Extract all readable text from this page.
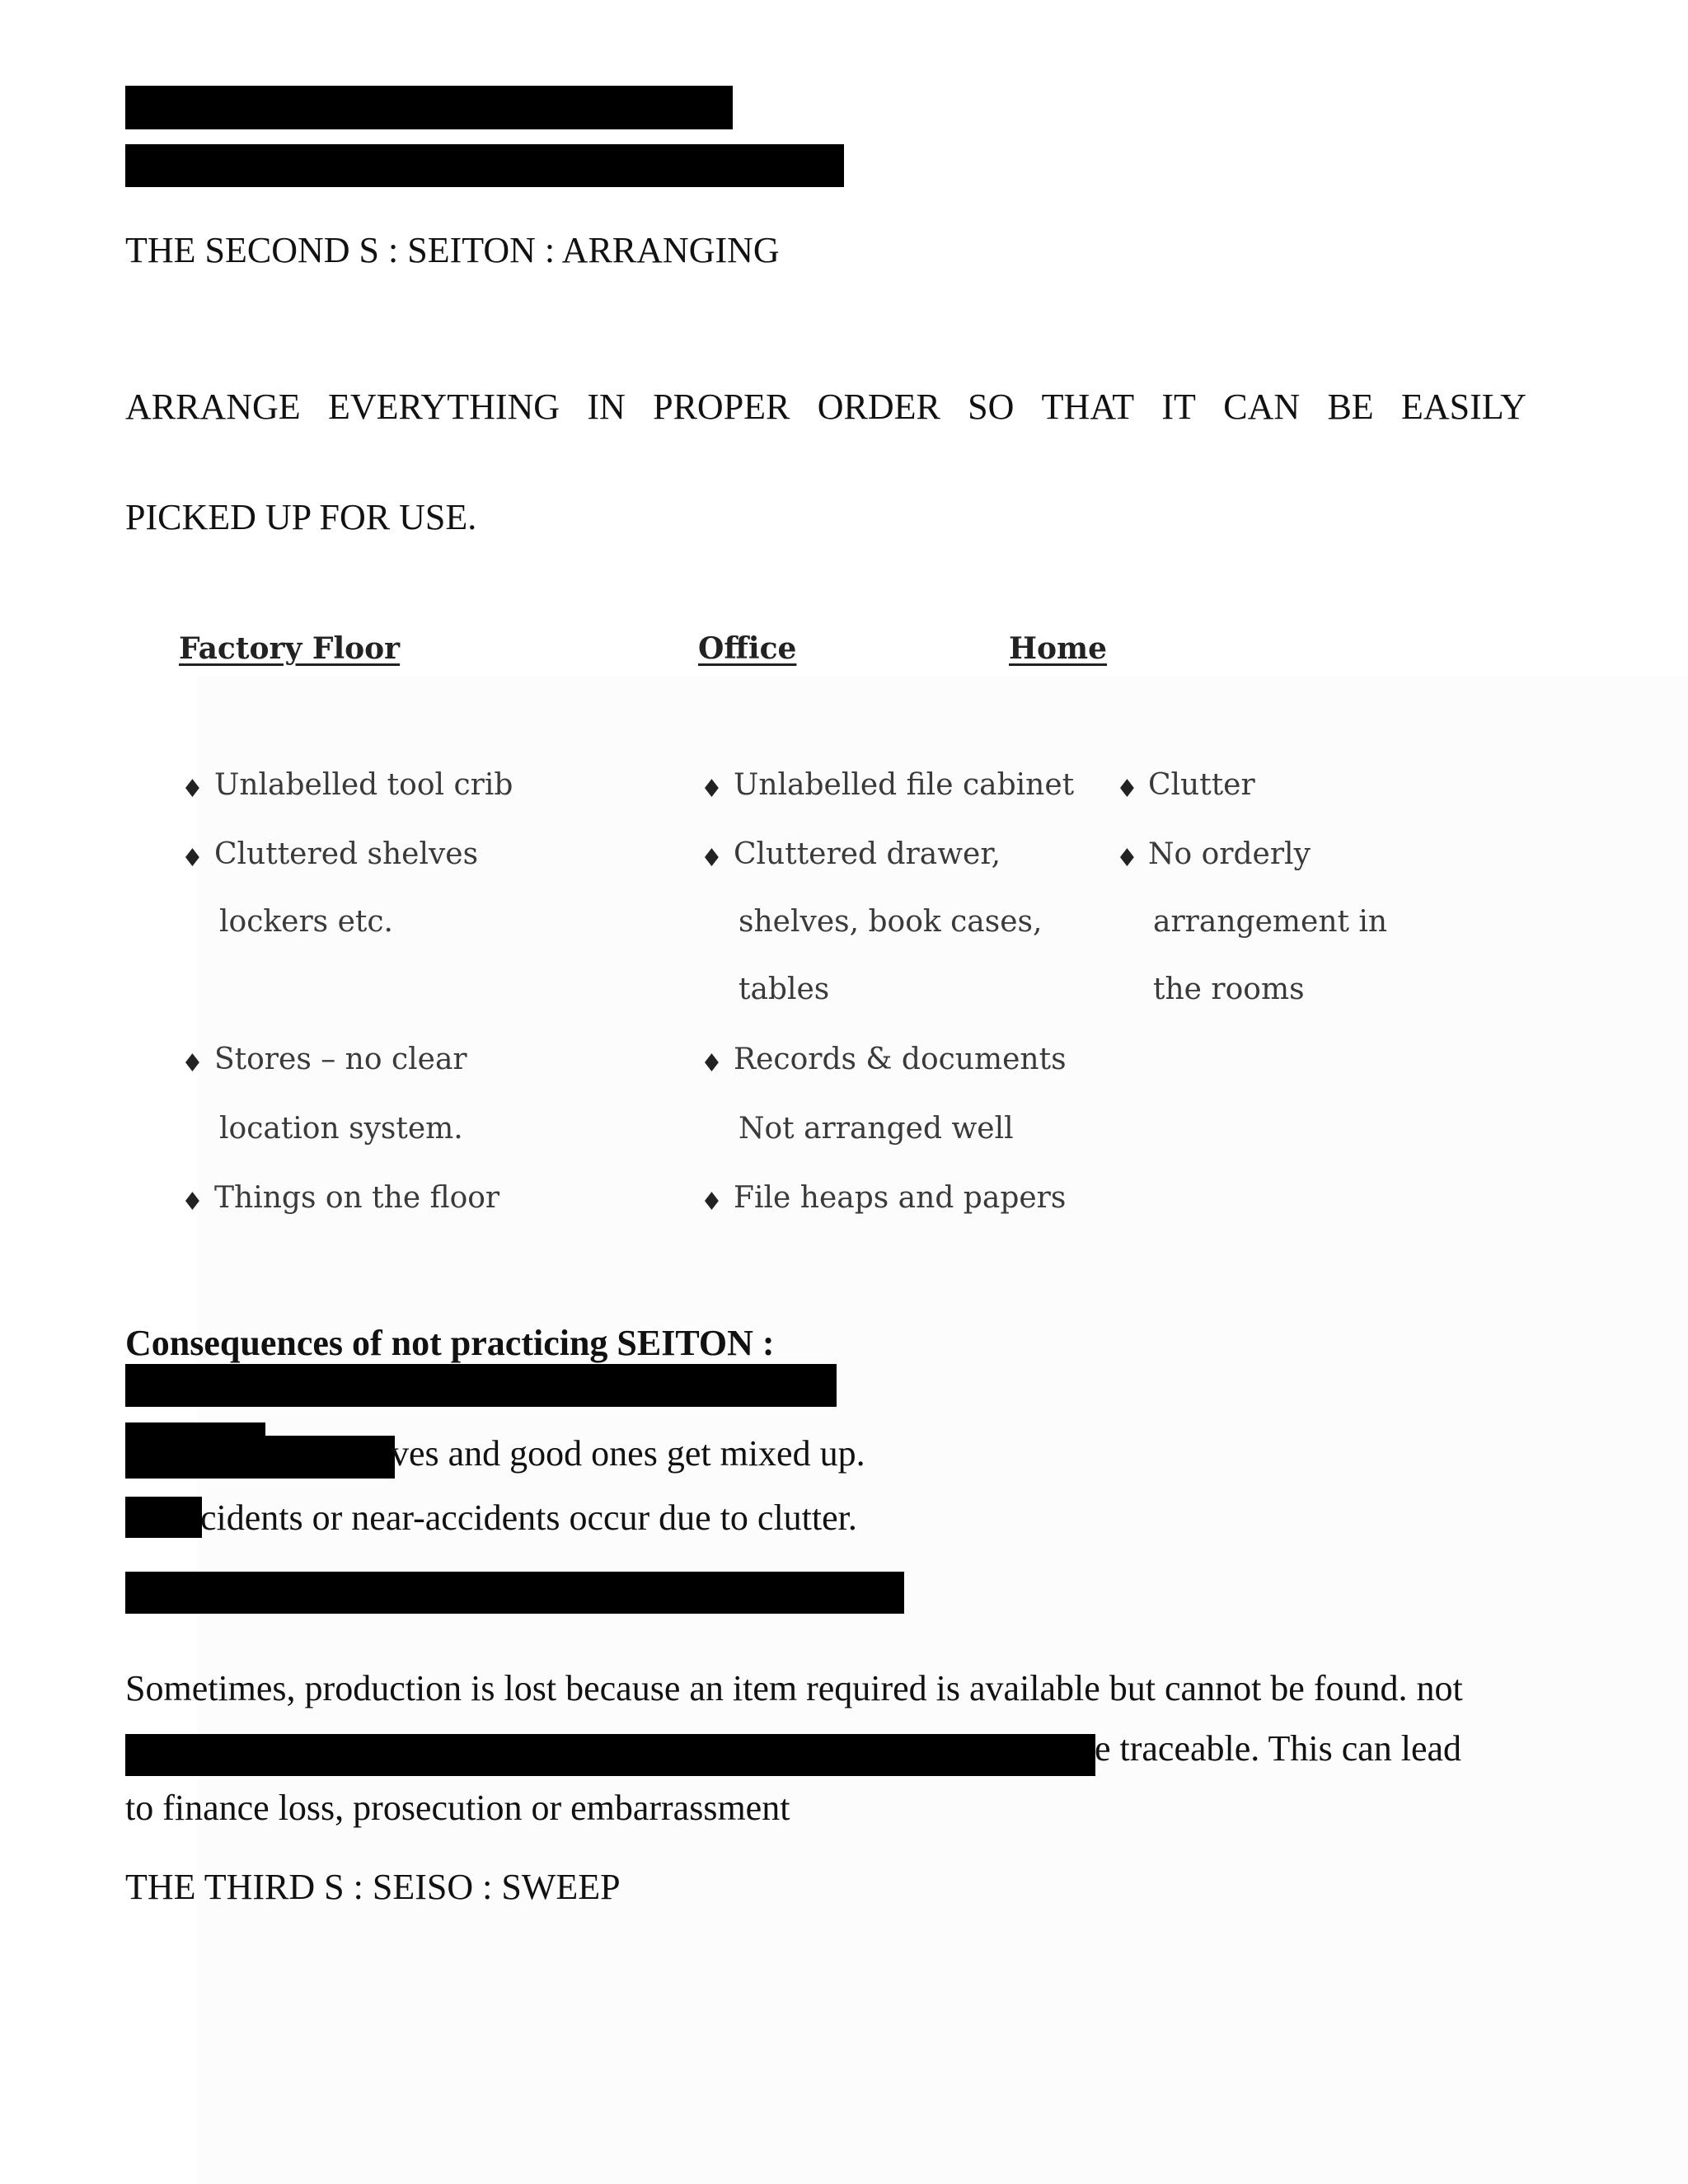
THE SECOND S : SEITON : ARRANGING
ARRANGE EVERYTHING IN PROPER ORDER SO THAT IT CAN BE EASILY
PICKED UP FOR USE.
Factory Floor	Office	Home
♦ Unlabelled tool crib
♦ Cluttered shelves
lockers etc.
♦ Stores – no clear
location system.
♦ Things on the floor
♦ Unlabelled file cabinet
♦ Cluttered drawer,
shelves, book cases,
tables
♦ Records & documents
Not arranged well
♦ File heaps and papers
♦ Clutter
♦ No orderly
arrangement in
the rooms
Consequences of not practicing SEITON :
ves and good ones get mixed up.
cidents or near-accidents occur due to clutter.
Sometimes, production is lost because an item required is available but cannot be found. not
e traceable. This can lead
to finance loss, prosecution or embarrassment
THE THIRD S : SEISO : SWEEP
